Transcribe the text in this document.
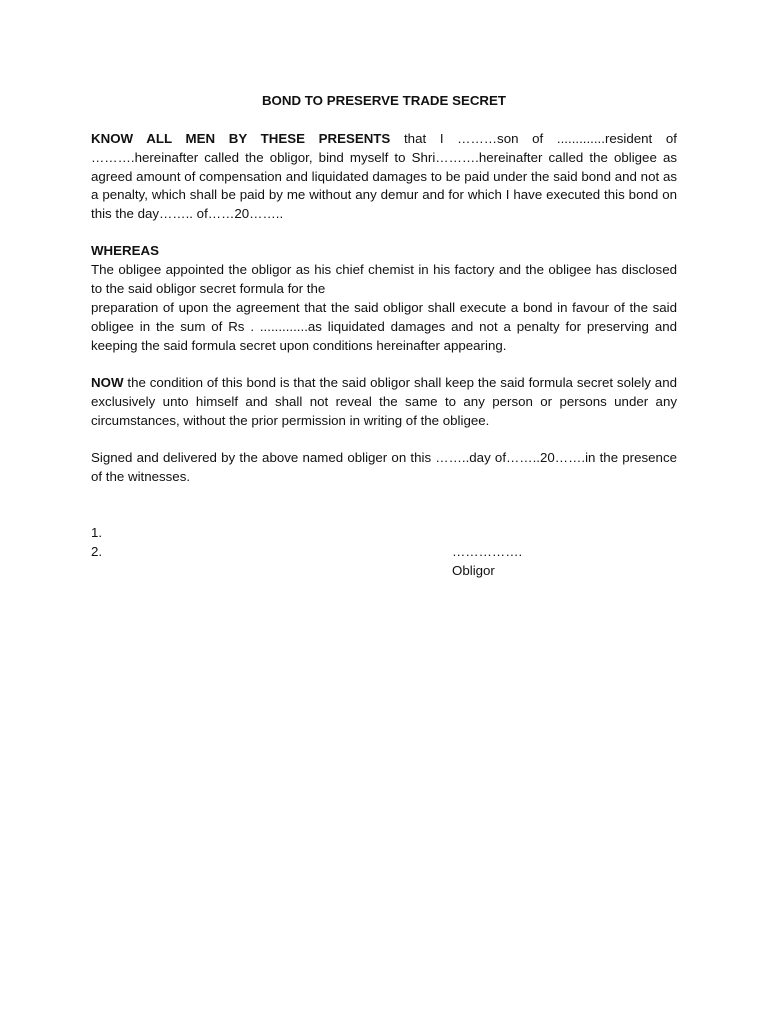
BOND TO PRESERVE TRADE SECRET

KNOW ALL MEN BY THESE PRESENTS that I ………son of .............resident of ……….hereinafter called the obligor, bind myself to Shri……….hereinafter called the obligee as agreed amount of compensation and liquidated damages to be paid under the said bond and not as a penalty, which shall be paid by me without any demur and for which I have executed this bond on this the day…….. of……20……..

WHEREAS

The obligee appointed the obligor as his chief chemist in his factory and the obligee has disclosed to the said obligor secret formula for the

preparation of upon the agreement that the said obligor shall execute a bond in favour of the said obligee in the sum of Rs . .............as liquidated damages and not a penalty for preserving and keeping the said formula secret upon conditions hereinafter appearing.

NOW the condition of this bond is that the said obligor shall keep the said formula secret solely and exclusively unto himself and shall not reveal the same to any person or persons under any circumstances, without the prior permission in writing of the obligee.

Signed and delivered by the above named obliger on this ……..day of……..20…….in the presence of the witnesses.

1.
2.	…………….
Obligor
